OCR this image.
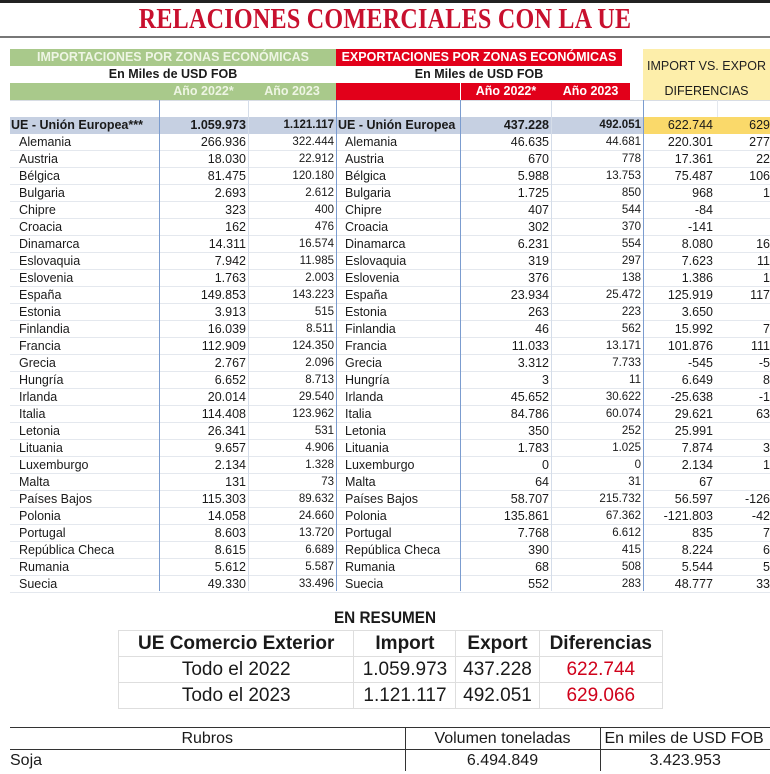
RELACIONES COMERCIALES CON LA UE
IMPORTACIONES POR ZONAS ECONÓMICAS	EXPORTACIONES POR ZONAS ECONÓMICAS
IMPORT VS. EXPOR
DIFERENCIAS
En Miles de USD FOB	En Miles de USD FOB
Año 2022*	Año 2023	Año 2022*	Año 2023
UE - Unión Europea***	1.059.973	1.121.117 UE - Unión Europea	437.228	492.051	622.744	629
Alemania	266.936	322.444 Alemania	46.635	44.681	220.301	277
Austria	18.030	22.912 Austria	670	778	17.361	22
Bélgica	81.475	120.180 Bélgica	5.988	13.753	75.487	106
Bulgaria	2.693	2.612 Bulgaria	1.725	850	968	1
Chipre	323	400 Chipre	407	544	-84
Croacia	162	476 Croacia	302	370	-141
Dinamarca	14.311	16.574 Dinamarca	6.231	554	8.080	16
Eslovaquia	7.942	11.985 Eslovaquia	319	297	7.623	11
Eslovenia	1.763	2.003 Eslovenia	376	138	1.386	1
España	149.853	143.223 España	23.934	25.472	125.919	117
Estonia	3.913	515 Estonia	263	223	3.650
Finlandia	16.039	8.511 Finlandia	46	562	15.992	7
Francia	112.909	124.350 Francia	11.033	13.171	101.876	111
Grecia	2.767	2.096 Grecia	3.312	7.733	-545	-5
Hungría	6.652	8.713 Hungría	3	11	6.649	8
Irlanda	20.014	29.540 Irlanda	45.652	30.622	-25.638	-1
Italia	114.408	123.962 Italia	84.786	60.074	29.621	63
Letonia	26.341	531 Letonia	350	252	25.991
Lituania	9.657	4.906 Lituania	1.783	1.025	7.874	3
Luxemburgo	2.134	1.328 Luxemburgo	0	0	2.134	1
Malta	131	73 Malta	64	31	67
Países Bajos	115.303	89.632 Países Bajos	58.707	215.732	56.597	-126
Polonia	14.058	24.660 Polonia	135.861	67.362	-121.803	-42
Portugal	8.603	13.720 Portugal	7.768	6.612	835	7
República Checa	8.615	6.689 República Checa	390	415	8.224	6
Rumania	5.612	5.587 Rumania	68	508	5.544	5
Suecia	49.330	33.496 Suecia	552	283	48.777	33
EN RESUMEN
UE Comercio Exterior	Import	Export	Diferencias
Todo el 2022	1.059.973	437.228	622.744
Todo el 2023	1.121.117	492.051	629.066
Rubros	Volumen toneladas	En miles de USD FOB
Soja	6.494.849	3.423.953
